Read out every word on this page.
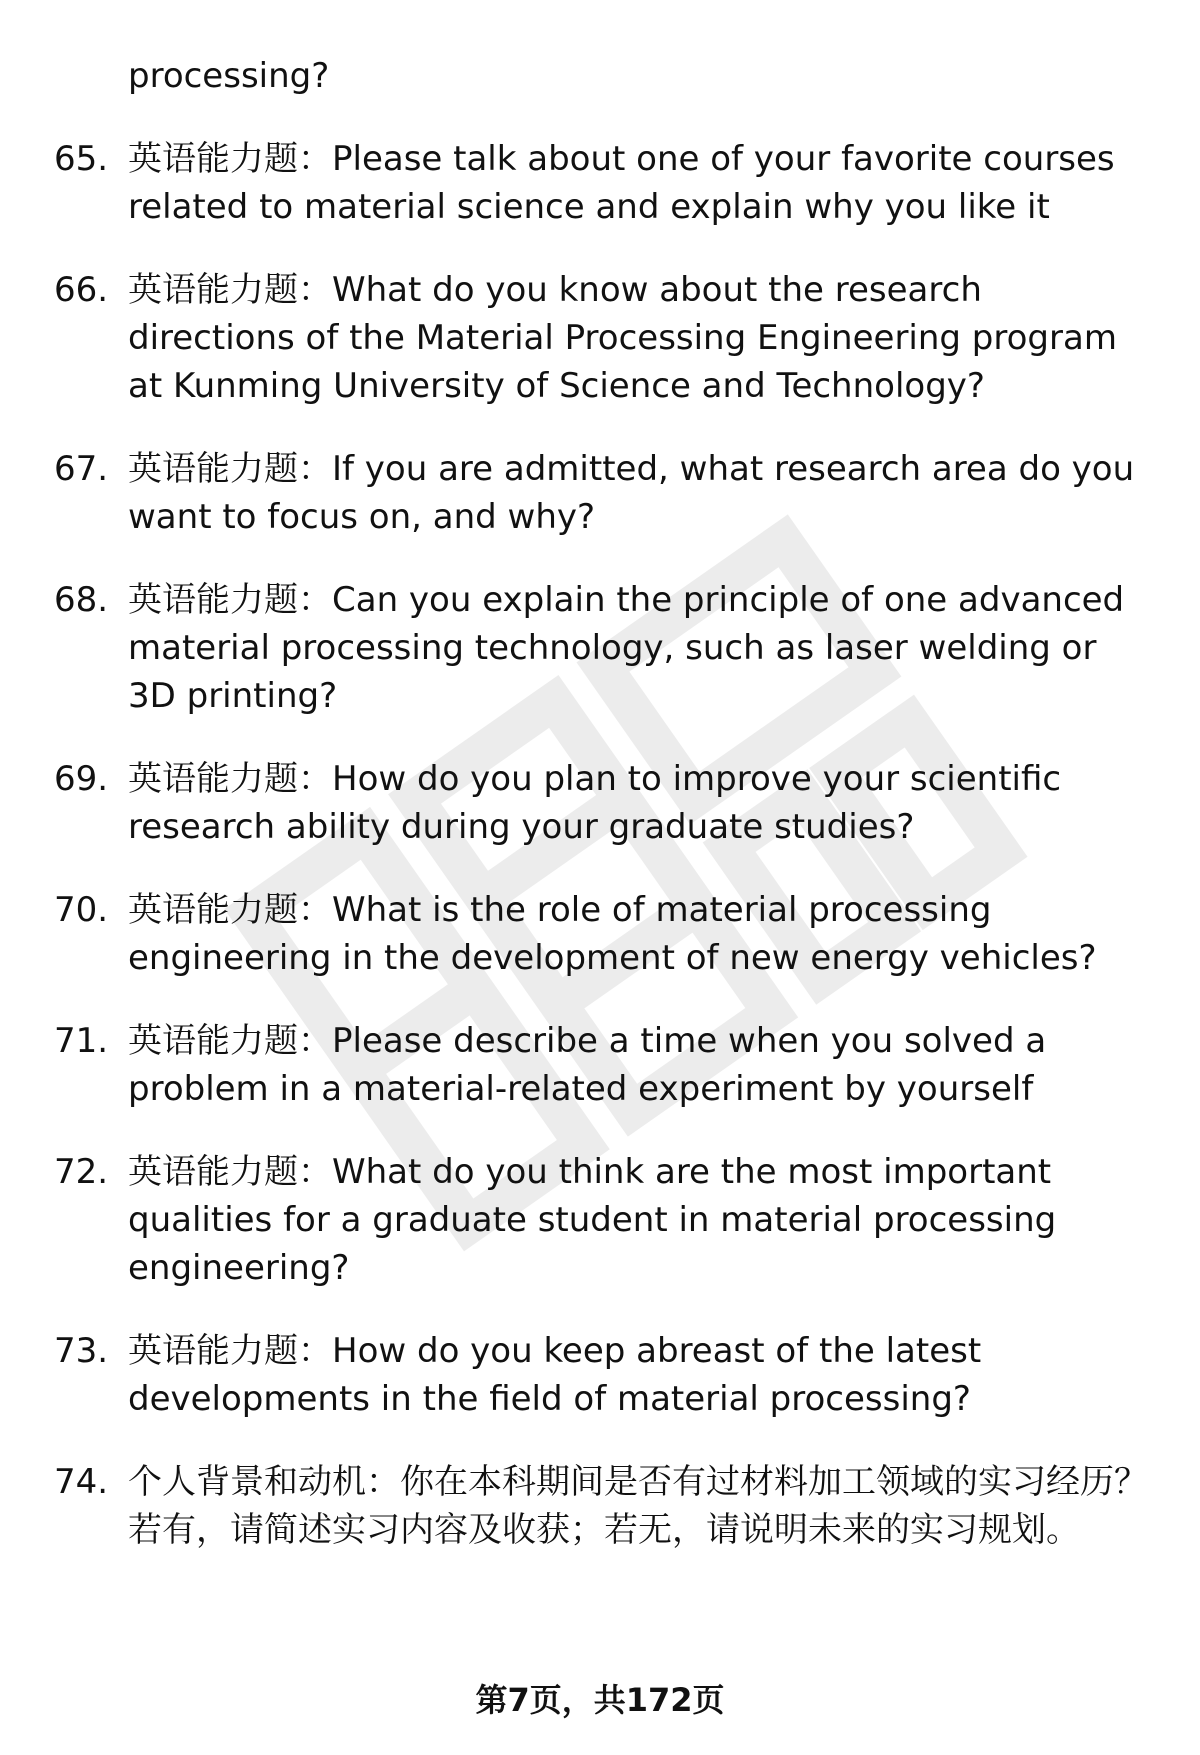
processing?
65. 英语能力题：Please talk about one of your favorite courses related to material science and explain why you like it
66. 英语能力题：What do you know about the research directions of the Material Processing Engineering program at Kunming University of Science and Technology?
67. 英语能力题：If you are admitted, what research area do you want to focus on, and why?
68. 英语能力题：Can you explain the principle of one advanced material processing technology, such as laser welding or 3D printing?
69. 英语能力题：How do you plan to improve your scientific research ability during your graduate studies?
70. 英语能力题：What is the role of material processing engineering in the development of new energy vehicles?
71. 英语能力题：Please describe a time when you solved a problem in a material-related experiment by yourself
72. 英语能力题：What do you think are the most important qualities for a graduate student in material processing engineering?
73. 英语能力题：How do you keep abreast of the latest developments in the field of material processing?
74. 个人背景和动机：你在本科期间是否有过材料加工领域的实习经历？若有，请简述实习内容及收获；若无，请说明未来的实习规划。
第7页，共172页
